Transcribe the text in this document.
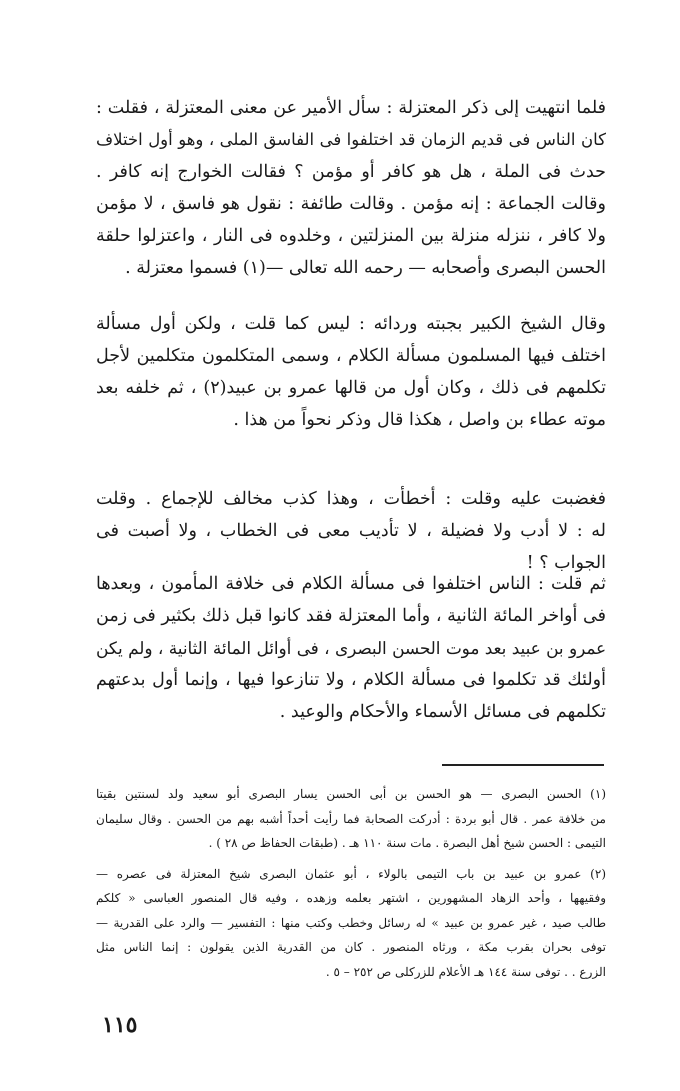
فلما انتهيت إلى ذكر المعتزلة : سأل الأمير عن معنى المعتزلة ، فقلت :
كان الناس فى قديم الزمان قد اختلفوا فى الفاسق الملى ، وهو أول اختلاف
حدث فى الملة ، هل هو كافر أو مؤمن ؟ فقالت الخوارج إنه كافر .
وقالت الجماعة : إنه مؤمن . وقالت طائفة : نقول هو فاسق ، لا مؤمن
ولا كافر ، ننزله منزلة بين المنزلتين ، وخلدوه فى النار ، واعتزلوا حلقة
الحسن البصرى وأصحابه — رحمه الله تعالى —(١) فسموا معتزلة .
وقال الشيخ الكبير بجبته وردائه : ليس كما قلت ، ولكن أول مسألة
اختلف فيها المسلمون مسألة الكلام ، وسمى المتكلمون متكلمين لأجل
تكلمهم فى ذلك ، وكان أول من قالها عمرو بن عبيد(٢) ، ثم خلفه بعد
موته عطاء بن واصل ، هكذا قال وذكر نحواً من هذا .
فغضبت عليه وقلت : أخطأت ، وهذا كذب مخالف للإجماع . وقلت
له : لا أدب ولا فضيلة ، لا تأديب معى فى الخطاب ، ولا أصبت فى
الجواب ؟ !
ثم قلت : الناس اختلفوا فى مسألة الكلام فى خلافة المأمون ، وبعدها
فى أواخر المائة الثانية ، وأما المعتزلة فقد كانوا قبل ذلك بكثير فى زمن
عمرو بن عبيد بعد موت الحسن البصرى ، فى أوائل المائة الثانية ، ولم يكن
أولئك قد تكلموا فى مسألة الكلام ، ولا تنازعوا فيها ، وإنما أول بدعتهم
تكلمهم فى مسائل الأسماء والأحكام والوعيد .
(١) الحسن البصرى — هو الحسن بن أبى الحسن يسار البصرى أبو سعيد ولد لسنتين بقيتا
من خلافة عمر . قال أبو بردة : أدركت الصحابة فما رأيت أحداً أشبه بهم من الحسن . وقال سليمان
التيمى : الحسن شيخ أهل البصرة . مات سنة ١١٠ هـ . (طبقات الحفاظ ص ٢٨ ) .
(٢) عمرو بن عبيد بن باب التيمى بالولاء ، أبو عثمان البصرى شيخ المعتزلة فى عصره —
وفقيهها ، وأحد الزهاد المشهورين ، اشتهر بعلمه وزهده ، وفيه قال المنصور العباسى « كلكم
طالب صيد ، غير عمرو بن عبيد » له رسائل وخطب وكتب منها : التفسير — والرد على القدرية —
توفى بحران بقرب مكة ، ورثاه المنصور . كان من القدرية الذين يقولون : إنما الناس مثل
الزرع . . توفى سنة ١٤٤ هـ الأعلام للزركلى ص ٢٥٢ – ٥ .
١١٥
